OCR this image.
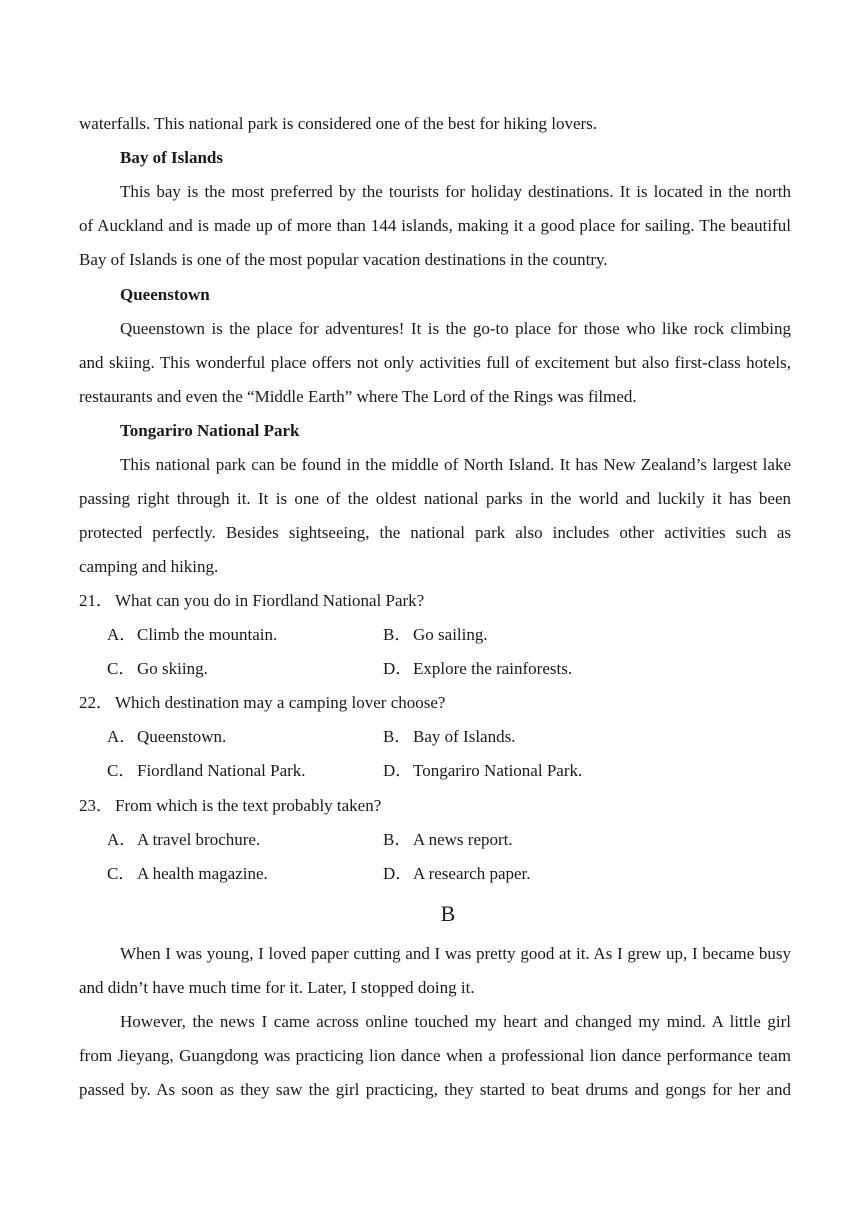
waterfalls. This national park is considered one of the best for hiking lovers.
Bay of Islands
This bay is the most preferred by the tourists for holiday destinations. It is located in the north
of Auckland and is made up of more than 144 islands, making it a good place for sailing. The beautiful
Bay of Islands is one of the most popular vacation destinations in the country.
Queenstown
Queenstown is the place for adventures! It is the go-to place for those who like rock climbing
and skiing. This wonderful place offers not only activities full of excitement but also first-class hotels,
restaurants and even the “Middle Earth” where The Lord of the Rings was filmed.
Tongariro National Park
This national park can be found in the middle of North Island. It has New Zealand’s largest lake
passing right through it. It is one of the oldest national parks in the world and luckily it has been
protected perfectly. Besides sightseeing, the national park also includes other activities such as
camping and hiking.
21． What can you do in Fiordland National Park?
A．Climb the mountain.	B．Go sailing.
C．Go skiing.	D．Explore the rainforests.
22． Which destination may a camping lover choose?
A．Queenstown.	B．Bay of Islands.
C．Fiordland National Park.	D．Tongariro National Park.
23． From which is the text probably taken?
A．A travel brochure.	B．A news report.
C．A health magazine.	D．A research paper.
B
When I was young, I loved paper cutting and I was pretty good at it. As I grew up, I became busy
and didn’t have much time for it. Later, I stopped doing it.
However, the news I came across online touched my heart and changed my mind. A little girl
from Jieyang, Guangdong was practicing lion dance when a professional lion dance performance team
passed by. As soon as they saw the girl practicing, they started to beat drums and gongs for her and
